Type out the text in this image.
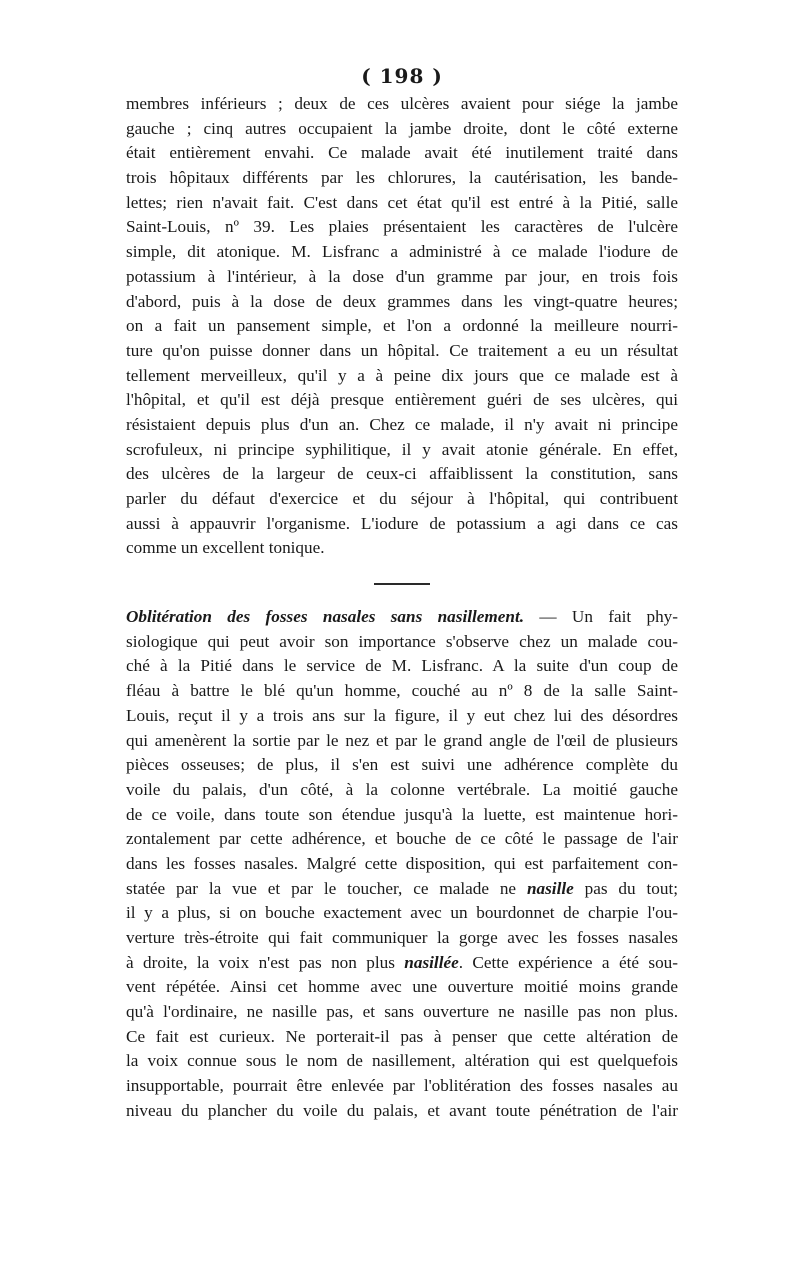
( 198 )
membres inférieurs ; deux de ces ulcères avaient pour siége la jambe
gauche ; cinq autres occupaient la jambe droite, dont le côté externe
était entièrement envahi. Ce malade avait été inutilement traité dans
trois hôpitaux différents par les chlorures, la cautérisation, les bande-
lettes; rien n'avait fait. C'est dans cet état qu'il est entré à la Pitié, salle
Saint-Louis, nº 39. Les plaies présentaient les caractères de l'ulcère
simple, dit atonique. M. Lisfranc a administré à ce malade l'iodure de
potassium à l'intérieur, à la dose d'un gramme par jour, en trois fois
d'abord, puis à la dose de deux grammes dans les vingt-quatre heures;
on a fait un pansement simple, et l'on a ordonné la meilleure nourri-
ture qu'on puisse donner dans un hôpital. Ce traitement a eu un résultat
tellement merveilleux, qu'il y a à peine dix jours que ce malade est à
l'hôpital, et qu'il est déjà presque entièrement guéri de ses ulcères, qui
résistaient depuis plus d'un an. Chez ce malade, il n'y avait ni principe
scrofuleux, ni principe syphilitique, il y avait atonie générale. En effet,
des ulcères de la largeur de ceux-ci affaiblissent la constitution, sans
parler du défaut d'exercice et du séjour à l'hôpital, qui contribuent
aussi à appauvrir l'organisme. L'iodure de potassium a agi dans ce cas
comme un excellent tonique.
Oblitération des fosses nasales sans nasillement. — Un fait phy-
siologique qui peut avoir son importance s'observe chez un malade cou-
ché à la Pitié dans le service de M. Lisfranc. A la suite d'un coup de
fléau à battre le blé qu'un homme, couché au nº 8 de la salle Saint-
Louis, reçut il y a trois ans sur la figure, il y eut chez lui des désordres
qui amenèrent la sortie par le nez et par le grand angle de l'œil de plusieurs
pièces osseuses; de plus, il s'en est suivi une adhérence complète du
voile du palais, d'un côté, à la colonne vertébrale. La moitié gauche
de ce voile, dans toute son étendue jusqu'à la luette, est maintenue hori-
zontalement par cette adhérence, et bouche de ce côté le passage de l'air
dans les fosses nasales. Malgré cette disposition, qui est parfaitement con-
statée par la vue et par le toucher, ce malade ne nasille pas du tout;
il y a plus, si on bouche exactement avec un bourdonnet de charpie l'ou-
verture très-étroite qui fait communiquer la gorge avec les fosses nasales
à droite, la voix n'est pas non plus nasillée. Cette expérience a été sou-
vent répétée. Ainsi cet homme avec une ouverture moitié moins grande
qu'à l'ordinaire, ne nasille pas, et sans ouverture ne nasille pas non plus.
Ce fait est curieux. Ne porterait-il pas à penser que cette altération de
la voix connue sous le nom de nasillement, altération qui est quelquefois
insupportable, pourrait être enlevée par l'oblitération des fosses nasales au
niveau du plancher du voile du palais, et avant toute pénétration de l'air
